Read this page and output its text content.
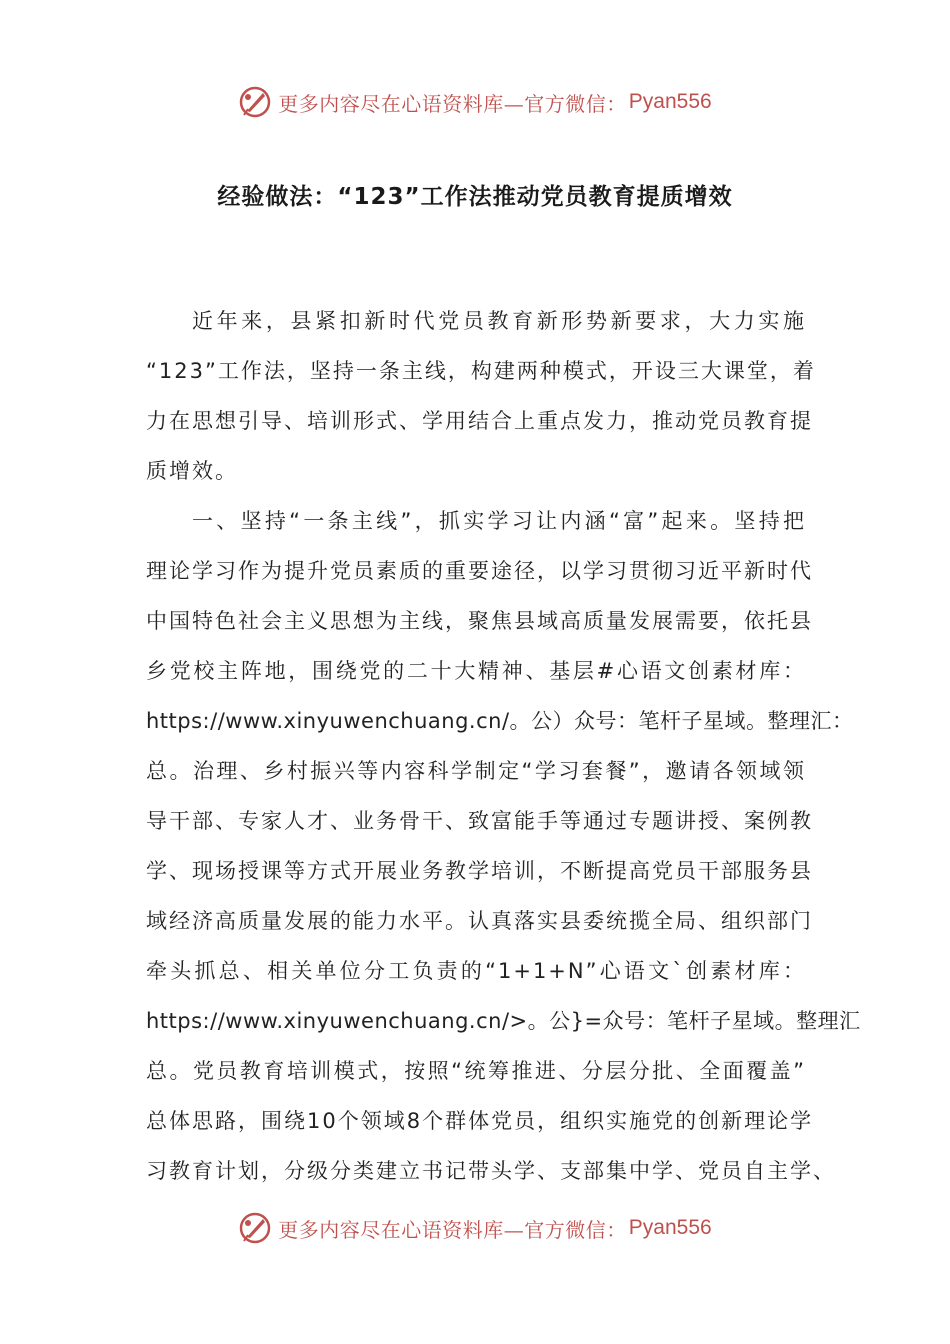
更多内容尽在心语资料库—官方微信： Pyan556
经验做法：“123”工作法推动党员教育提质增效
近年来，县紧扣新时代党员教育新形势新要求，大力实施
“123”工作法，坚持一条主线，构建两种模式，开设三大课堂，着
力在思想引导、培训形式、学用结合上重点发力，推动党员教育提
质增效。
一、坚持“一条主线”，抓实学习让内涵“富”起来。坚持把
理论学习作为提升党员素质的重要途径，以学习贯彻习近平新时代
中国特色社会主义思想为主线，聚焦县域高质量发展需要，依托县
乡党校主阵地，围绕党的二十大精神、基层#心语文创素材库：
https://www.xinyuwenchuang.cn/。公）众号：笔杆子星域。整理汇：
总。治理、乡村振兴等内容科学制定“学习套餐”，邀请各领域领
导干部、专家人才、业务骨干、致富能手等通过专题讲授、案例教
学、现场授课等方式开展业务教学培训，不断提高党员干部服务县
域经济高质量发展的能力水平。认真落实县委统揽全局、组织部门
牵头抓总、相关单位分工负责的“1+1+N”心语文`创素材库：
https://www.xinyuwenchuang.cn/>。公}=众号：笔杆子星域。整理汇
总。党员教育培训模式，按照“统筹推进、分层分批、全面覆盖”
总体思路，围绕10个领域8个群体党员，组织实施党的创新理论学
习教育计划，分级分类建立书记带头学、支部集中学、党员自主学、
更多内容尽在心语资料库—官方微信： Pyan556
